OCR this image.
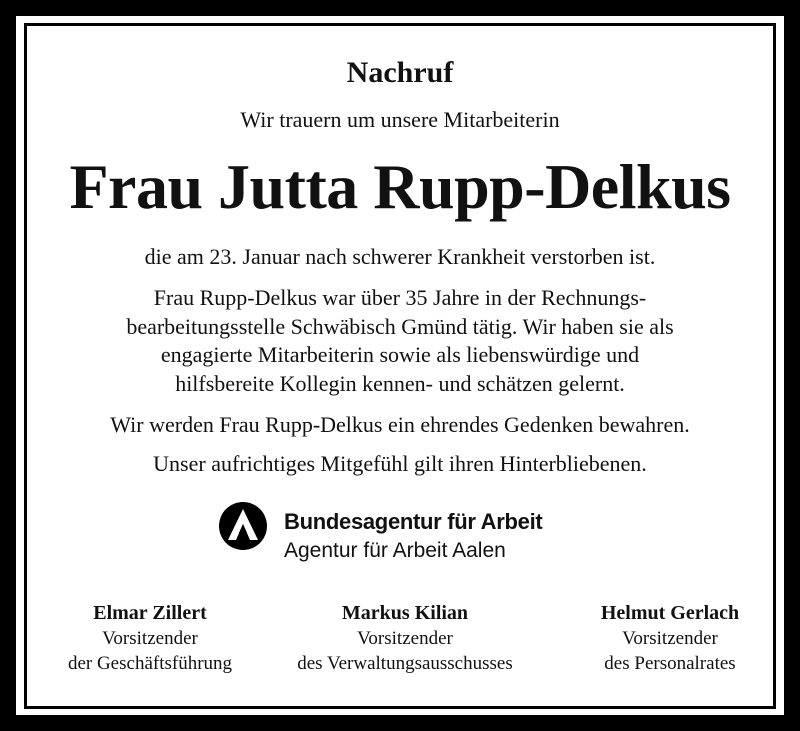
Nachruf
Wir trauern um unsere Mitarbeiterin
Frau Jutta Rupp-Delkus
die am 23. Januar nach schwerer Krankheit verstorben ist.
Frau Rupp-Delkus war über 35 Jahre in der Rechnungs-
bearbeitungsstelle Schwäbisch Gmünd tätig. Wir haben sie als
engagierte Mitarbeiterin sowie als liebenswürdige und
hilfsbereite Kollegin kennen- und schätzen gelernt.
Wir werden Frau Rupp-Delkus ein ehrendes Gedenken bewahren.
Unser aufrichtiges Mitgefühl gilt ihren Hinterbliebenen.
Bundesagentur für Arbeit
Agentur für Arbeit Aalen
Elmar Zillert
Vorsitzender
der Geschäftsführung
Markus Kilian
Vorsitzender
des Verwaltungsausschusses
Helmut Gerlach
Vorsitzender
des Personalrates
